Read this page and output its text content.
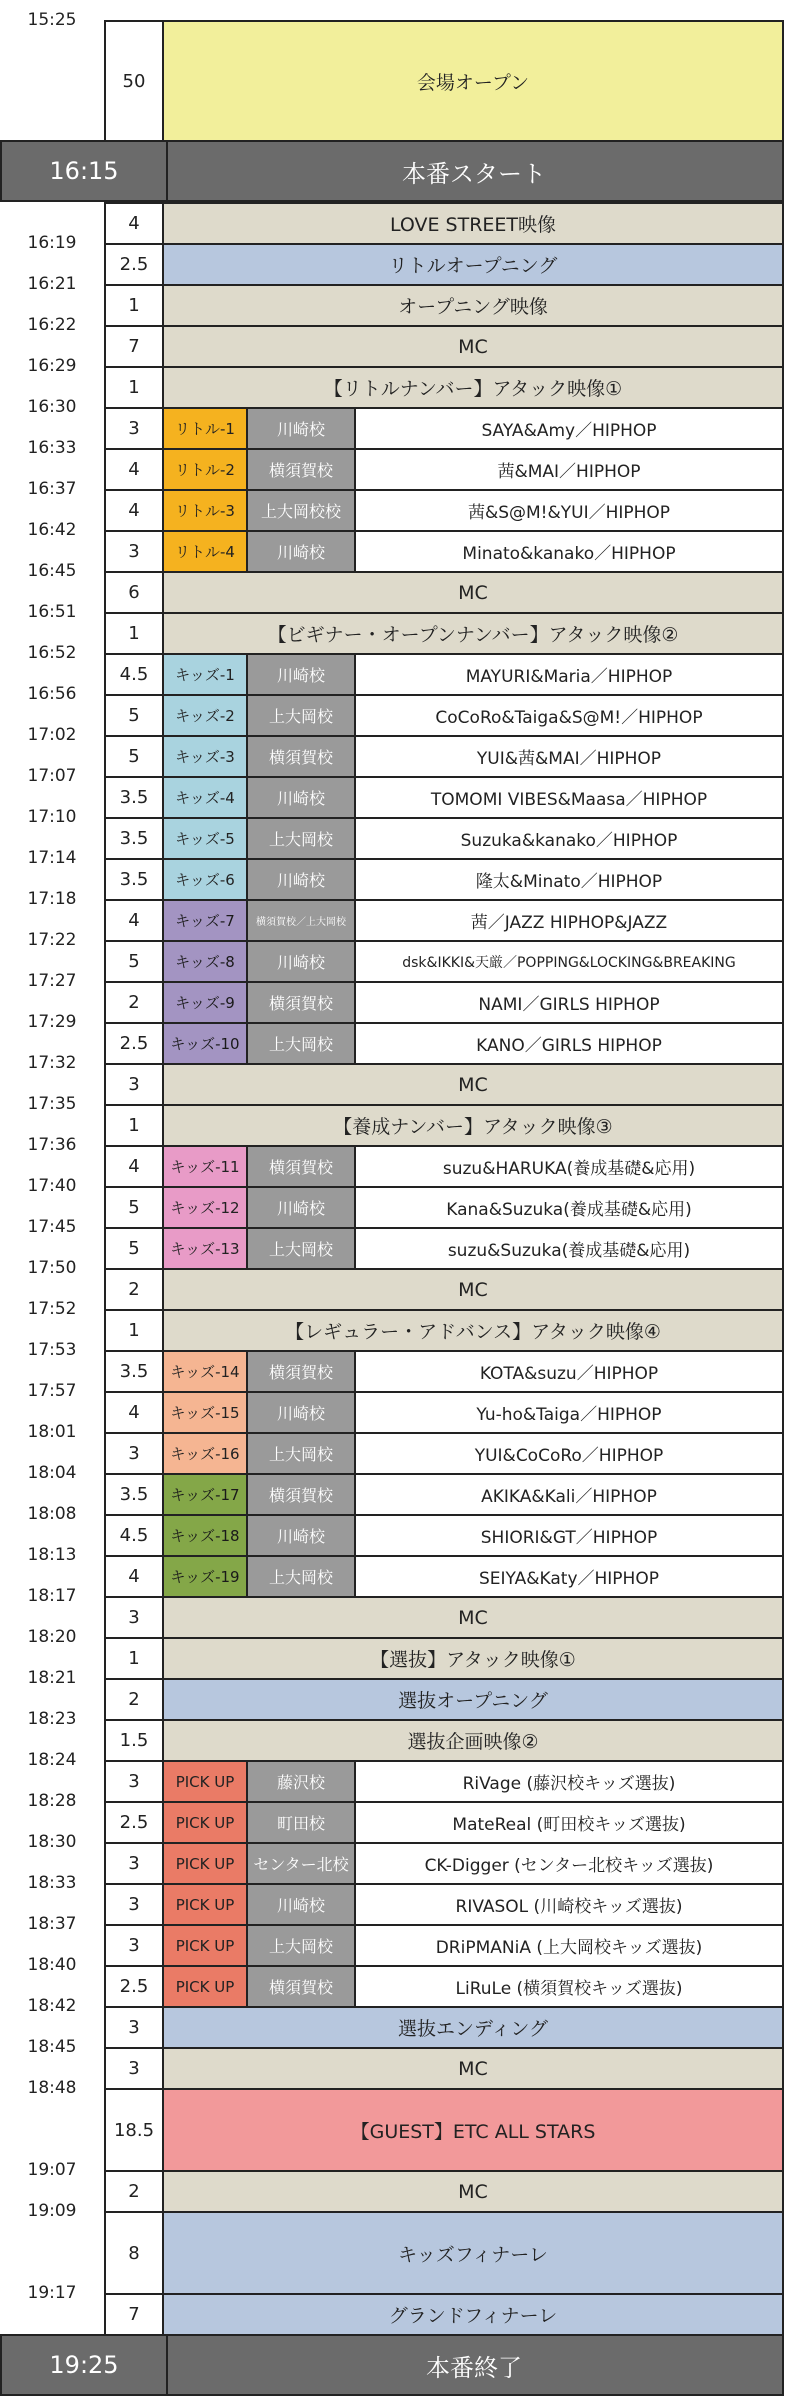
15:25
50	会場オープン
16:15	本番スタート
4	LOVE STREET映像
16:19
2.5	リトルオープニング
16:21
1	オープニング映像
16:22
7	MC
16:29
1	【リトルナンバー】アタック映像①
16:30
3	リトル-1	川崎校	SAYA&Amy／HIPHOP
16:33
4	リトル-2	横須賀校	茜&MAI／HIPHOP
16:37
4	リトル-3	上大岡校校	茜&S@M!&YUI／HIPHOP
16:42
3	リトル-4	川崎校	Minato&kanako／HIPHOP
16:45
6	MC
16:51
1	【ビギナー・オープンナンバー】アタック映像②
16:52
4.5	キッズ-1	川崎校	MAYURI&Maria／HIPHOP
16:56
5	キッズ-2	上大岡校	CoCoRo&Taiga&S@M!／HIPHOP
17:02
5	キッズ-3	横須賀校	YUI&茜&MAI／HIPHOP
17:07
3.5	キッズ-4	川崎校	TOMOMI VIBES&Maasa／HIPHOP
17:10
3.5	キッズ-5	上大岡校	Suzuka&kanako／HIPHOP
17:14
3.5	キッズ-6	川崎校	隆太&Minato／HIPHOP
17:18
4	キッズ-7	横須賀校／上大岡校	茜／JAZZ HIPHOP&JAZZ
17:22
5	キッズ-8	川崎校	dsk&IKKI&天厳／POPPING&LOCKING&BREAKING
17:27
2	キッズ-9	横須賀校	NAMI／GIRLS HIPHOP
17:29
2.5	キッズ-10	上大岡校	KANO／GIRLS HIPHOP
17:32
3	MC
17:35
1	【養成ナンバー】アタック映像③
17:36
4	キッズ-11	横須賀校	suzu&HARUKA(養成基礎&応用)
17:40
5	キッズ-12	川崎校	Kana&Suzuka(養成基礎&応用)
17:45
5	キッズ-13	上大岡校	suzu&Suzuka(養成基礎&応用)
17:50
2	MC
17:52
1	【レギュラー・アドバンス】アタック映像④
17:53
3.5	キッズ-14	横須賀校	KOTA&suzu／HIPHOP
17:57
4	キッズ-15	川崎校	Yu-ho&Taiga／HIPHOP
18:01
3	キッズ-16	上大岡校	YUI&CoCoRo／HIPHOP
18:04
3.5	キッズ-17	横須賀校	AKIKA&Kali／HIPHOP
18:08
4.5	キッズ-18	川崎校	SHIORI&GT／HIPHOP
18:13
4	キッズ-19	上大岡校	SEIYA&Katy／HIPHOP
18:17
3	MC
18:20
1	【選抜】アタック映像①
18:21
2	選抜オープニング
18:23
1.5	選抜企画映像②
18:24
3	PICK UP	藤沢校	RiVage (藤沢校キッズ選抜)
18:28
2.5	PICK UP	町田校	MateReal (町田校キッズ選抜)
18:30
3	PICK UP	センター北校	CK-Digger (センター北校キッズ選抜)
18:33
3	PICK UP	川崎校	RIVASOL (川崎校キッズ選抜)
18:37
3	PICK UP	上大岡校	DRiPMANiA (上大岡校キッズ選抜)
18:40
2.5	PICK UP	横須賀校	LiRuLe (横須賀校キッズ選抜)
18:42
3	選抜エンディング
18:45
3	MC
18:48
18.5	【GUEST】ETC ALL STARS
19:07
2	MC
19:09
8	キッズフィナーレ
19:17
7	グランドフィナーレ
19:25	本番終了
